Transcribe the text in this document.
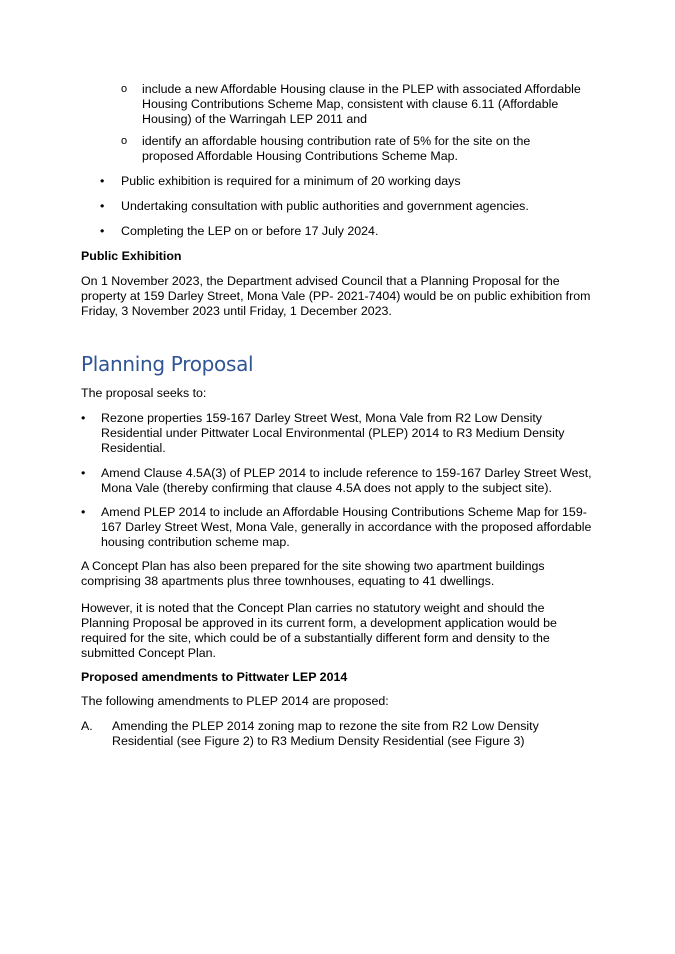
o include a new Affordable Housing clause in the PLEP with associated Affordable Housing Contributions Scheme Map, consistent with clause 6.11 (Affordable Housing) of the Warringah LEP 2011 and
o identify an affordable housing contribution rate of 5% for the site on the proposed Affordable Housing Contributions Scheme Map.
• Public exhibition is required for a minimum of 20 working days
• Undertaking consultation with public authorities and government agencies.
• Completing the LEP on or before 17 July 2024.
Public Exhibition
On 1 November 2023, the Department advised Council that a Planning Proposal for the property at 159 Darley Street, Mona Vale (PP- 2021-7404) would be on public exhibition from Friday, 3 November 2023 until Friday, 1 December 2023.
Planning Proposal
The proposal seeks to:
• Rezone properties 159-167 Darley Street West, Mona Vale from R2 Low Density Residential under Pittwater Local Environmental (PLEP) 2014 to R3 Medium Density Residential.
• Amend Clause 4.5A(3) of PLEP 2014 to include reference to 159-167 Darley Street West, Mona Vale (thereby confirming that clause 4.5A does not apply to the subject site).
• Amend PLEP 2014 to include an Affordable Housing Contributions Scheme Map for 159-167 Darley Street West, Mona Vale, generally in accordance with the proposed affordable housing contribution scheme map.
A Concept Plan has also been prepared for the site showing two apartment buildings comprising 38 apartments plus three townhouses, equating to 41 dwellings.
However, it is noted that the Concept Plan carries no statutory weight and should the Planning Proposal be approved in its current form, a development application would be required for the site, which could be of a substantially different form and density to the submitted Concept Plan.
Proposed amendments to Pittwater LEP 2014
The following amendments to PLEP 2014 are proposed:
A. Amending the PLEP 2014 zoning map to rezone the site from R2 Low Density Residential (see Figure 2) to R3 Medium Density Residential (see Figure 3)
